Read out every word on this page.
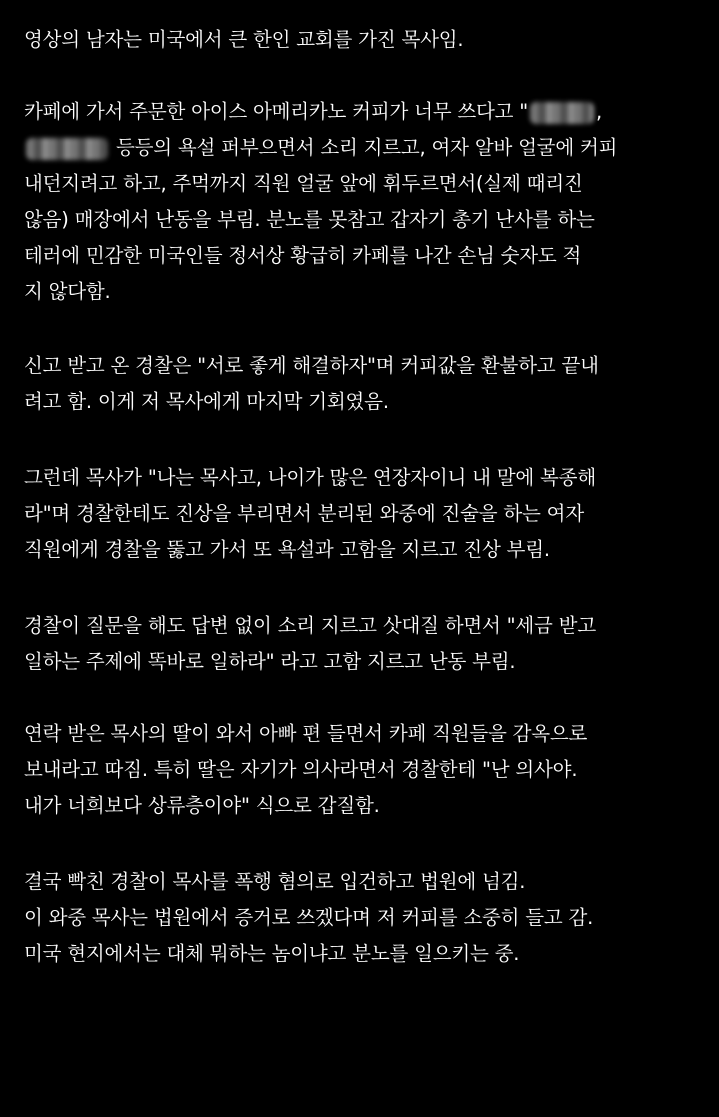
영상의 남자는 미국에서 큰 한인 교회를 가진 목사임.

카페에 가서 주문한 아이스 아메리카노 커피가 너무 쓰다고 "	,
등등의 욕설 퍼부으면서 소리 지르고, 여자 알바 얼굴에 커피
내던지려고 하고, 주먹까지 직원 얼굴 앞에 휘두르면서(실제 때리진
않음) 매장에서 난동을 부림. 분노를 못참고 갑자기 총기 난사를 하는
테러에 민감한 미국인들 정서상 황급히 카페를 나간 손님 숫자도 적
지 않다함.

신고 받고 온 경찰은 "서로 좋게 해결하자"며 커피값을 환불하고 끝내
려고 함. 이게 저 목사에게 마지막 기회였음.

그런데 목사가 "나는 목사고, 나이가 많은 연장자이니 내 말에 복종해
라"며 경찰한테도 진상을 부리면서 분리된 와중에 진술을 하는 여자
직원에게 경찰을 뚫고 가서 또 욕설과 고함을 지르고 진상 부림.

경찰이 질문을 해도 답변 없이 소리 지르고 삿대질 하면서 "세금 받고
일하는 주제에 똑바로 일하라" 라고 고함 지르고 난동 부림.

연락 받은 목사의 딸이 와서 아빠 편 들면서 카페 직원들을 감옥으로
보내라고 따짐. 특히 딸은 자기가 의사라면서 경찰한테 "난 의사야.
내가 너희보다 상류층이야" 식으로 갑질함.

결국 빡친 경찰이 목사를 폭행 혐의로 입건하고 법원에 넘김.
이 와중 목사는 법원에서 증거로 쓰겠다며 저 커피를 소중히 들고 감.
미국 현지에서는 대체 뭐하는 놈이냐고 분노를 일으키는 중.
